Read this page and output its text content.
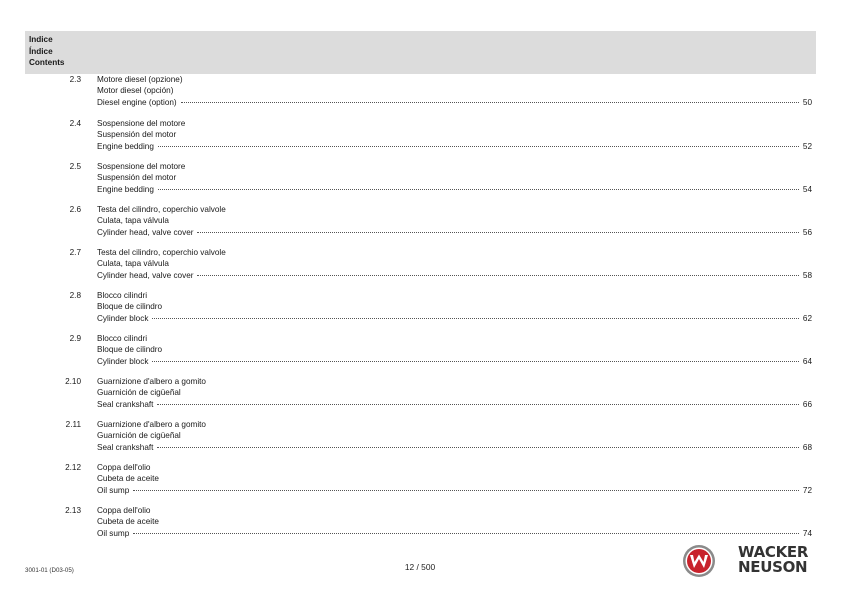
Indice
Índice
Contents
2.3 Motore diesel (opzione)
Motor diesel (opción)
Diesel engine (option)	50
2.4 Sospensione del motore
Suspensión del motor
Engine bedding	52
2.5 Sospensione del motore
Suspensión del motor
Engine bedding	54
2.6 Testa del cilindro, coperchio valvole
Culata, tapa válvula
Cylinder head, valve cover	56
2.7 Testa del cilindro, coperchio valvole
Culata, tapa válvula
Cylinder head, valve cover	58
2.8 Blocco cilindri
Bloque de cilindro
Cylinder block	62
2.9 Blocco cilindri
Bloque de cilindro
Cylinder block	64
2.10 Guarnizione d'albero a gomito
Guarnición de cigüeñal
Seal crankshaft	66
2.11 Guarnizione d'albero a gomito
Guarnición de cigüeñal
Seal crankshaft	68
2.12 Coppa dell'olio
Cubeta de aceite
Oil sump	72
2.13 Coppa dell'olio
Cubeta de aceite
Oil sump	74
3001-01 (D03-05)	12 / 500
WACKER
NEUSON
